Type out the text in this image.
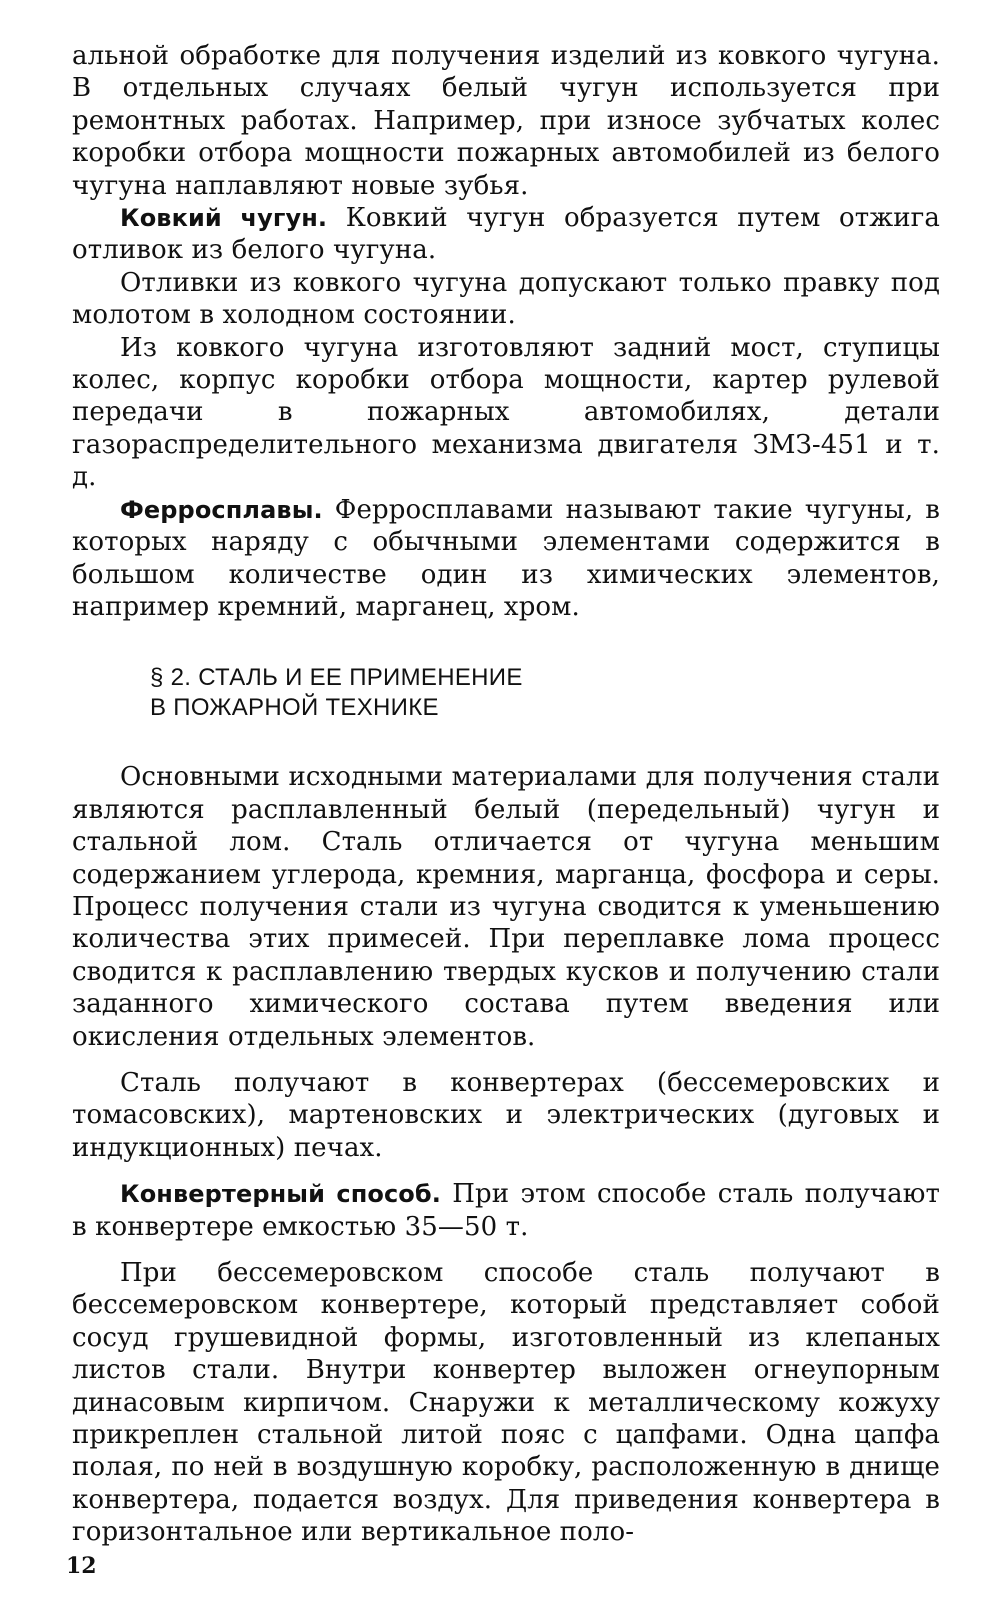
альной обработке для получения изделий из ковкого чугуна. В отдельных случаях белый чугун используется при ремонтных работах. Например, при износе зубчатых колес коробки отбора мощности пожарных автомобилей из белого чугуна наплавляют новые зубья.

Ковкий чугун. Ковкий чугун образуется путем отжига отливок из белого чугуна.

Отливки из ковкого чугуна допускают только правку под молотом в холодном состоянии.

Из ковкого чугуна изготовляют задний мост, ступицы колес, корпус коробки отбора мощности, картер рулевой передачи в пожарных автомобилях, детали газораспределительного механизма двигателя ЗМЗ-451 и т. д.

Ферросплавы. Ферросплавами называют такие чугуны, в которых наряду с обычными элементами содержится в большом количестве один из химических элементов, например кремний, марганец, хром.

§ 2. СТАЛЬ И ЕЕ ПРИМЕНЕНИЕ
В ПОЖАРНОЙ ТЕХНИКЕ

Основными исходными материалами для получения стали являются расплавленный белый (передельный) чугун и стальной лом. Сталь отличается от чугуна меньшим содержанием углерода, кремния, марганца, фосфора и серы. Процесс получения стали из чугуна сводится к уменьшению количества этих примесей. При переплавке лома процесс сводится к расплавлению твердых кусков и получению стали заданного химического состава путем введения или окисления отдельных элементов.

Сталь получают в конвертерах (бессемеровских и томасовских), мартеновских и электрических (дуговых и индукционных) печах.

Конвертерный способ. При этом способе сталь получают в конвертере емкостью 35—50 т.

При бессемеровском способе сталь получают в бессемеровском конвертере, который представляет собой сосуд грушевидной формы, изготовленный из клепаных листов стали. Внутри конвертер выложен огнеупорным динасовым кирпичом. Снаружи к металлическому кожуху прикреплен стальной литой пояс с цапфами. Одна цапфа полая, по ней в воздушную коробку, расположенную в днище конвертера, подается воздух. Для приведения конвертера в горизонтальное или вертикальное поло-

12
